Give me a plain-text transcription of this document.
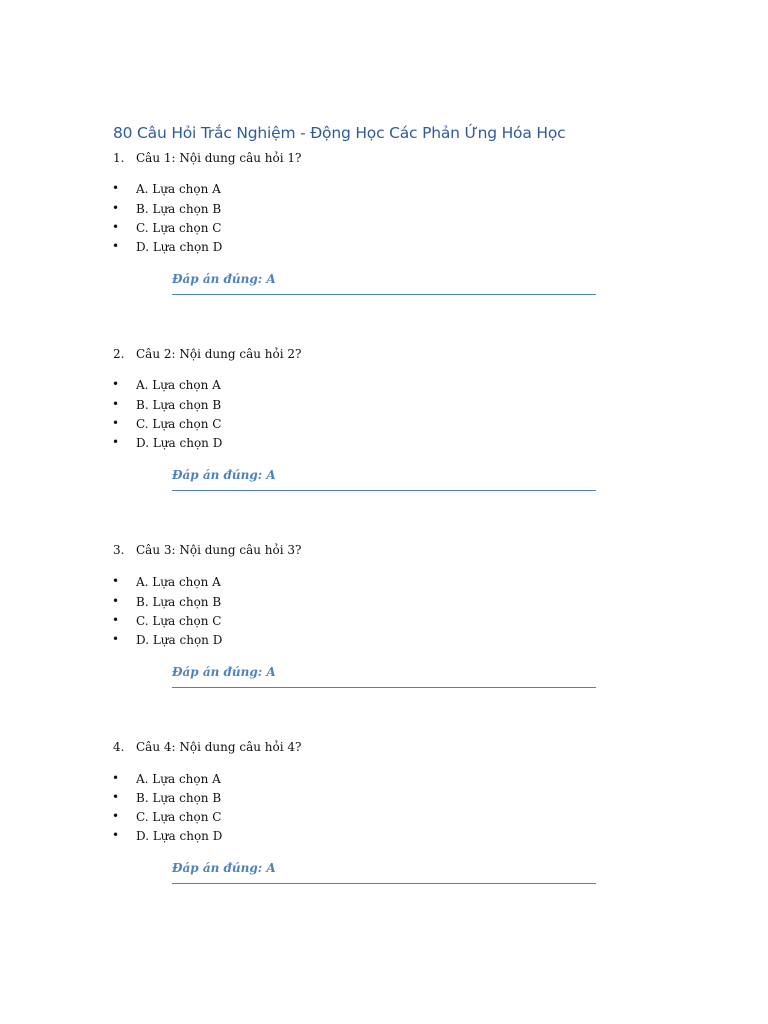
80 Câu Hỏi Trắc Nghiệm - Động Học Các Phản Ứng Hóa Học
1. Câu 1: Nội dung câu hỏi 1?
• A. Lựa chọn A
• B. Lựa chọn B
• C. Lựa chọn C
• D. Lựa chọn D
Đáp án đúng: A
2. Câu 2: Nội dung câu hỏi 2?
• A. Lựa chọn A
• B. Lựa chọn B
• C. Lựa chọn C
• D. Lựa chọn D
Đáp án đúng: A
3. Câu 3: Nội dung câu hỏi 3?
• A. Lựa chọn A
• B. Lựa chọn B
• C. Lựa chọn C
• D. Lựa chọn D
Đáp án đúng: A
4. Câu 4: Nội dung câu hỏi 4?
• A. Lựa chọn A
• B. Lựa chọn B
• C. Lựa chọn C
• D. Lựa chọn D
Đáp án đúng: A
